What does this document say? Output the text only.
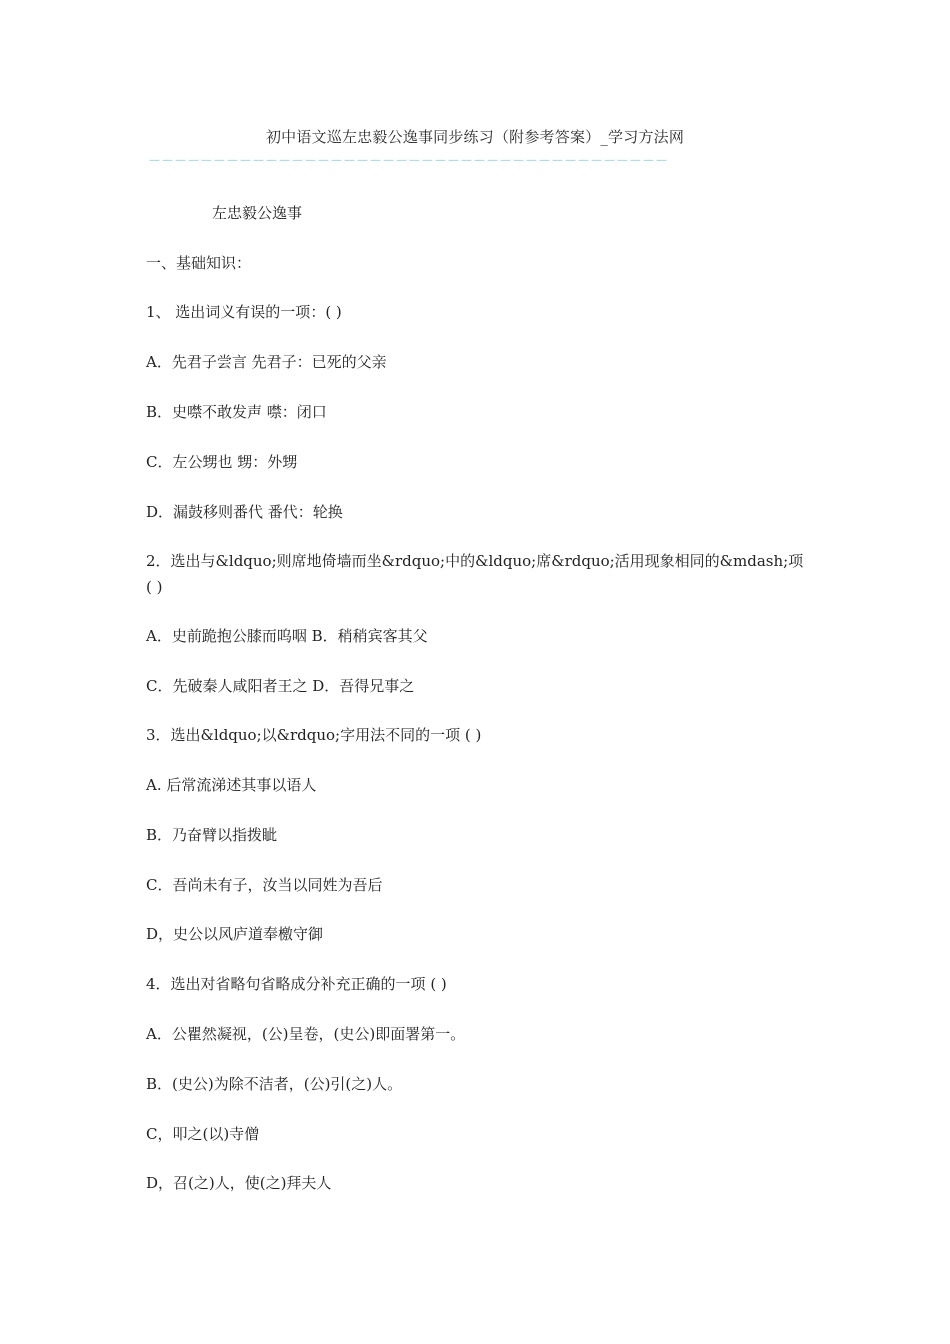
初中语文巡左忠毅公逸事同步练习（附参考答案）_学习方法网
－－－－－－－－－－－－－－－－－－－－－－－－－－－－－－－－－－－－－－－－
左忠毅公逸事
一、基础知识：
1、 选出词义有误的一项：( )
A．先君子尝言 先君子：已死的父亲
B．史噤不敢发声 噤：闭口
C．左公甥也 甥：外甥
D．漏鼓移则番代 番代：轮换
2．选出与&ldquo;则席地倚墙而坐&rdquo;中的&ldquo;席&rdquo;活用现象相同的&mdash;项 ( )
A．史前跪抱公膝而呜咽 B．稍稍宾客其父
C．先破秦人咸阳者王之 D．吾得兄事之
3．选出&ldquo;以&rdquo;字用法不同的一项 ( )
A. 后常流涕述其事以语人
B．乃奋臂以指拨眦
C．吾尚未有子，汝当以同姓为吾后
D，史公以风庐道奉檄守御
4．选出对省略句省略成分补充正确的一项 ( )
A．公瞿然凝视，(公)呈卷，(史公)即面署第一。
B．(史公)为除不洁者，(公)引(之)人。
C，叩之(以)寺僧
D，召(之)人，使(之)拜夫人
